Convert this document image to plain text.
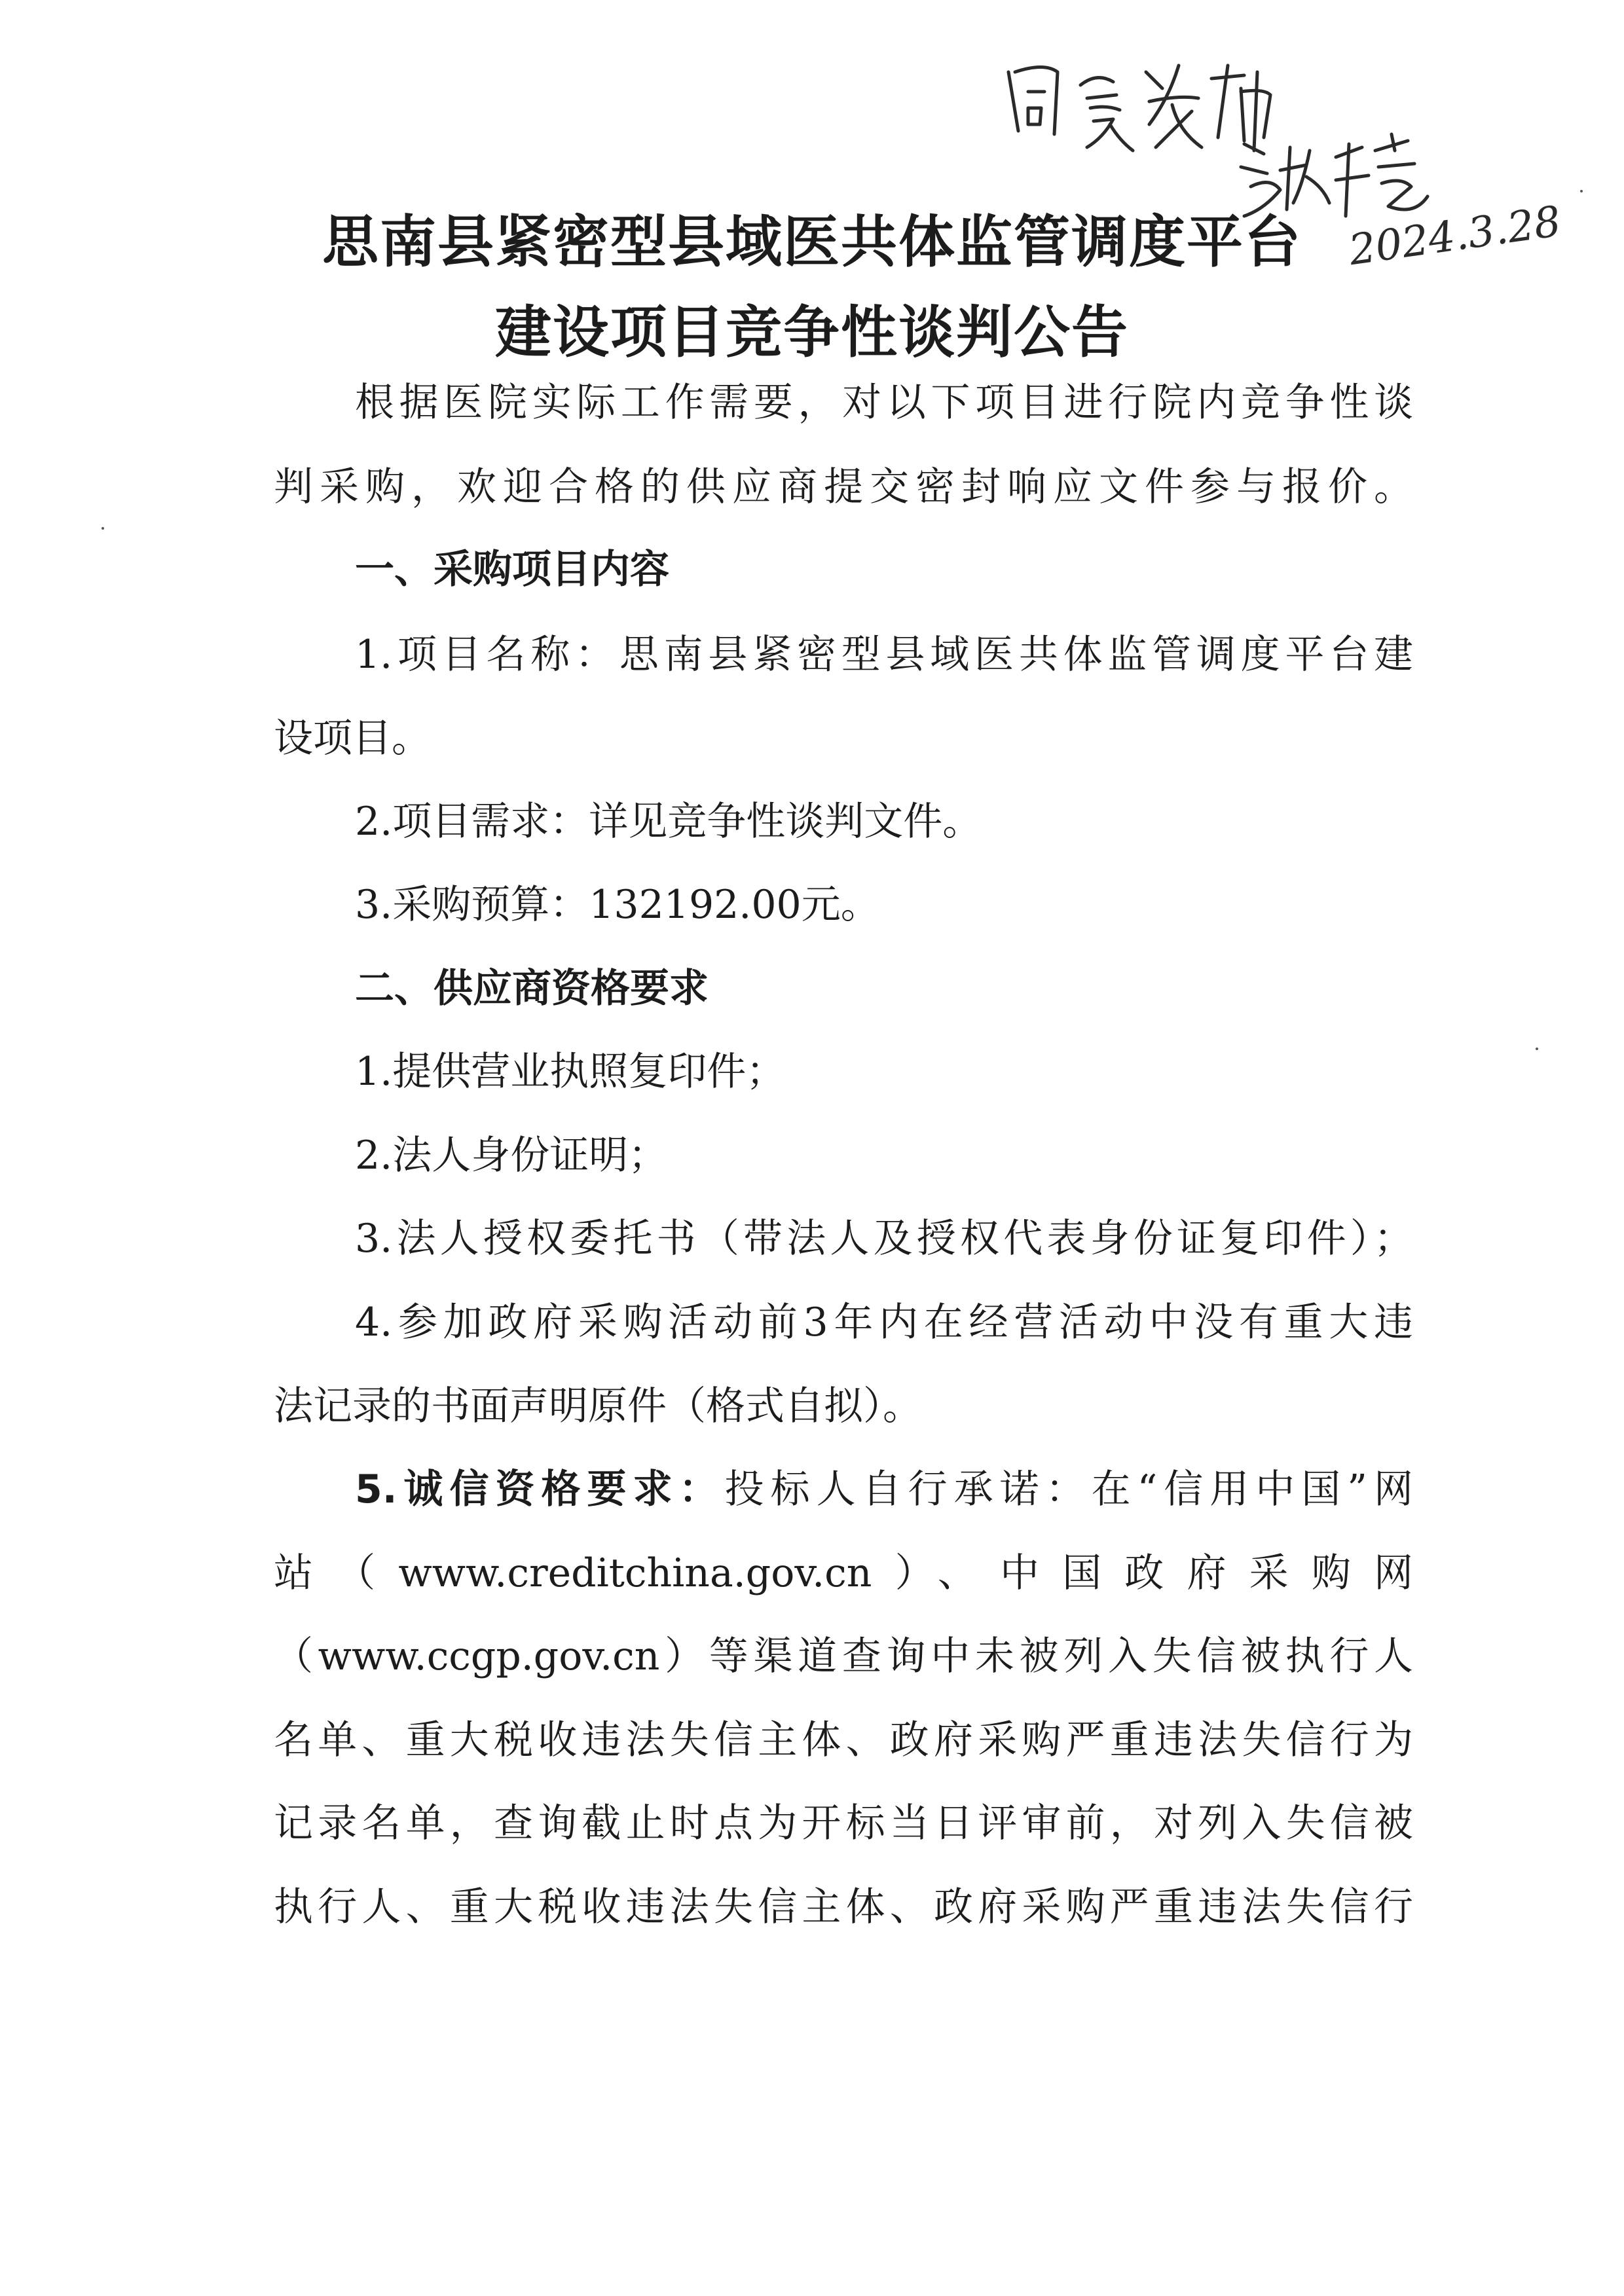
2024.3.28
思南县紧密型县域医共体监管调度平台
建设项目竞争性谈判公告
根据医院实际工作需要，对以下项目进行院内竞争性谈
判采购，欢迎合格的供应商提交密封响应文件参与报价。
一、采购项目内容
1.项目名称：思南县紧密型县域医共体监管调度平台建
设项目。
2.项目需求：详见竞争性谈判文件。
3.采购预算：132192.00元。
二、供应商资格要求
1.提供营业执照复印件；
2.法人身份证明；
3.法人授权委托书（带法人及授权代表身份证复印件）；
4.参加政府采购活动前3年内在经营活动中没有重大违
法记录的书面声明原件（格式自拟）。
5.诚信资格要求：投标人自行承诺：在“信用中国”网
站（www.creditchina.gov.cn）、中国政府采购网
（www.ccgp.gov.cn）等渠道查询中未被列入失信被执行人
名单、重大税收违法失信主体、政府采购严重违法失信行为
记录名单，查询截止时点为开标当日评审前，对列入失信被
执行人、重大税收违法失信主体、政府采购严重违法失信行
